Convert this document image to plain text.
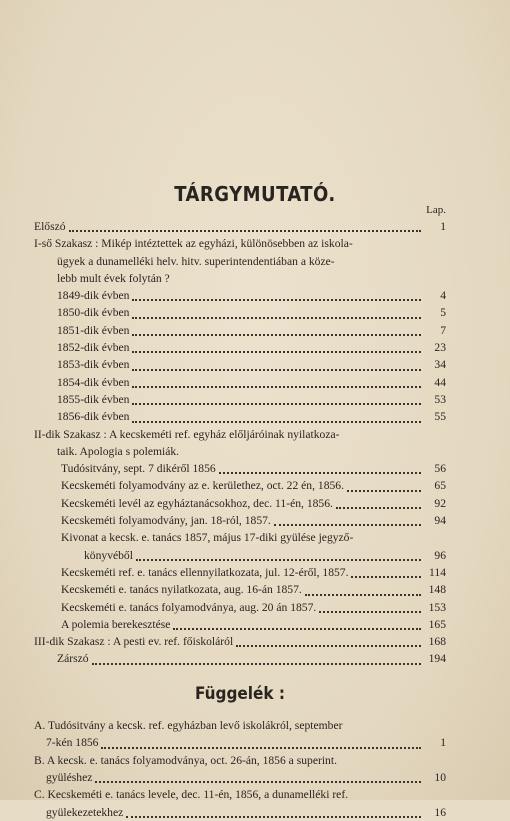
TÁRGYMUTATÓ.
Lap.
Előszó	1
I-ső Szakasz : Mikép intéztettek az egyházi, különösebben az iskola-
ügyek a dunamelléki helv. hitv. superintendentiában a köze-
lebb mult évek folytán ?
1849-dik évben	4
1850-dik évben	5
1851-dik évben	7
1852-dik évben	23
1853-dik évben	34
1854-dik évben	44
1855-dik évben	53
1856-dik évben	55
II-dik Szakasz : A kecskeméti ref. egyház előljáróinak nyilatkoza-
taik. Apologia s polemiák.
Tudósitvány, sept. 7 dikéről 1856	56
Kecskeméti folyamodvány az e. kerülethez, oct. 22 én, 1856.	65
Kecskeméti levél az egyháztanácsokhoz, dec. 11-én, 1856.	92
Kecskeméti folyamodvány, jan. 18-ról, 1857.	94
Kivonat a kecsk. e. tanács 1857, május 17-diki gyülése jegyző-
könyvéből	96
Kecskeméti ref. e. tanács ellennyilatkozata, jul. 12-éről, 1857.	114
Kecskeméti e. tanács nyilatkozata, aug. 16-án 1857.	148
Kecskeméti e. tanács folyamodványa, aug. 20 án 1857.	153
A polemia berekesztése	165
III-dik Szakasz : A pesti ev. ref. főiskoláról	168
Zárszó	194
Függelék :
A. Tudósitvány a kecsk. ref. egyházban levő iskolákról, september
7-kén 1856	1
B. A kecsk. e. tanács folyamodványa, oct. 26-án, 1856 a superint.
gyüléshez	10
C. Kecskeméti e. tanács levele, dec. 11-én, 1856, a dunamelléki ref.
gyülekezetekhez	16
